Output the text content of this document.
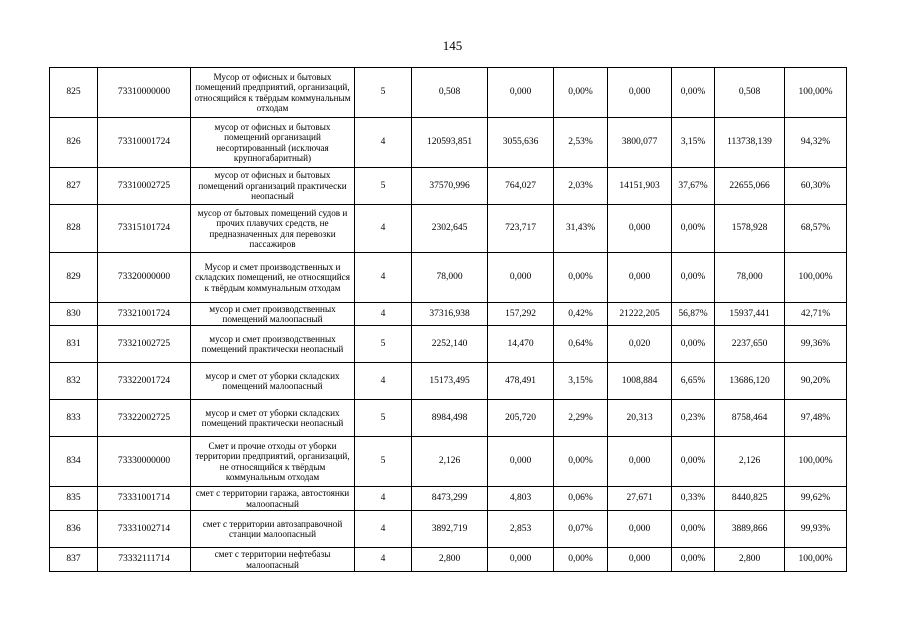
145
825	73310000000	Мусор от офисных и бытовых помещений предприятий, организаций, относящийся к твёрдым коммунальным отходам	5	0,508	0,000	0,00%	0,000	0,00%	0,508	100,00%
826	73310001724	мусор от офисных и бытовых помещений организаций несортированный (исключая крупногабаритный)	4	120593,851	3055,636	2,53%	3800,077	3,15%	113738,139	94,32%
827	73310002725	мусор от офисных и бытовых помещений организаций практически неопасный	5	37570,996	764,027	2,03%	14151,903	37,67%	22655,066	60,30%
828	73315101724	мусор от бытовых помещений судов и прочих плавучих средств, не предназначенных для перевозки пассажиров	4	2302,645	723,717	31,43%	0,000	0,00%	1578,928	68,57%
829	73320000000	Мусор и смет производственных и складских помещений, не относящийся к твёрдым коммунальным отходам	4	78,000	0,000	0,00%	0,000	0,00%	78,000	100,00%
830	73321001724	мусор и смет производственных помещений малоопасный	4	37316,938	157,292	0,42%	21222,205	56,87%	15937,441	42,71%
831	73321002725	мусор и смет производственных помещений практически неопасный	5	2252,140	14,470	0,64%	0,020	0,00%	2237,650	99,36%
832	73322001724	мусор и смет от уборки складских помещений малоопасный	4	15173,495	478,491	3,15%	1008,884	6,65%	13686,120	90,20%
833	73322002725	мусор и смет от уборки складских помещений практически неопасный	5	8984,498	205,720	2,29%	20,313	0,23%	8758,464	97,48%
834	73330000000	Смет и прочие отходы от уборки территории предприятий, организаций, не относящийся к твёрдым коммунальным отходам	5	2,126	0,000	0,00%	0,000	0,00%	2,126	100,00%
835	73331001714	смет с территории гаража, автостоянки малоопасный	4	8473,299	4,803	0,06%	27,671	0,33%	8440,825	99,62%
836	73331002714	смет с территории автозаправочной станции малоопасный	4	3892,719	2,853	0,07%	0,000	0,00%	3889,866	99,93%
837	73332111714	смет с территории нефтебазы малоопасный	4	2,800	0,000	0,00%	0,000	0,00%	2,800	100,00%
